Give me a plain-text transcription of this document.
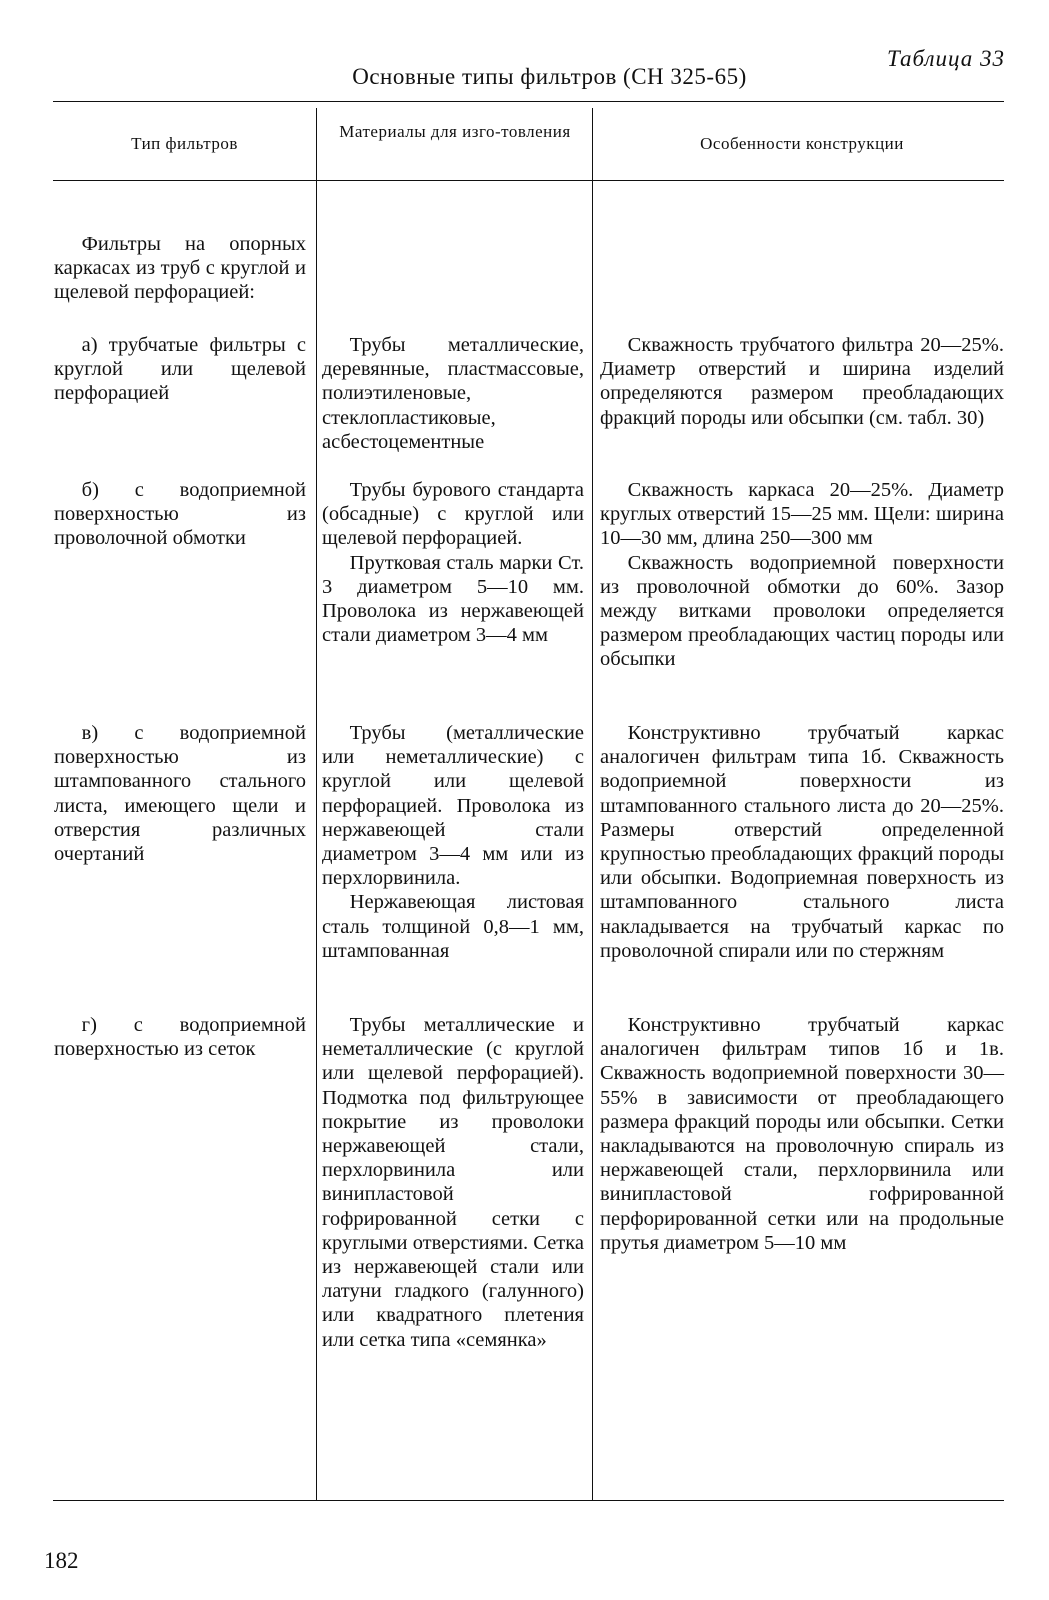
Таблица 33
Основные типы фильтров (СН 325-65)
Тип фильтров
Материалы для изго-товления
Особенности конструкции

Фильтры на опорных каркасах из труб с круглой и щелевой перфорацией:

а) трубчатые фильтры с круглой или щелевой перфорацией

б) с водоприемной поверхностью из проволочной обмотки

в) с водоприемной поверхностью из штампованного стального листа, имеющего щели и отверстия различных очертаний

г) с водоприемной поверхностью из сеток

Трубы металлические, деревянные, пластмассовые, полиэтиленовые, стеклопластиковые, асбестоцементные

Трубы бурового стандарта (обсадные) с круглой или щелевой перфорацией.

Прутковая сталь марки Ст. 3 диаметром 5—10 мм. Проволока из нержавеющей стали диаметром 3—4 мм

Трубы (металлические или неметаллические) с круглой или щелевой перфорацией. Проволока из нержавеющей стали диаметром 3—4 мм или из перхлорвинила.

Нержавеющая листовая сталь толщиной 0,8—1 мм, штампованная

Трубы металлические и неметаллические (с круглой или щелевой перфорацией). Подмотка под фильтрующее покрытие из проволоки нержавеющей стали, перхлорвинила или винипластовой гофрированной сетки с круглыми отверстиями. Сетка из нержавеющей стали или латуни гладкого (галунного) или квадратного плетения или сетка типа «семянка»

Скважность трубчатого фильтра 20—25%. Диаметр отверстий и ширина изделий определяются размером преобладающих фракций породы или обсыпки (см. табл. 30)

Скважность каркаса 20—25%. Диаметр круглых отверстий 15—25 мм. Щели: ширина 10—30 мм, длина 250—300 мм

Скважность водоприемной поверхности из проволочной обмотки до 60%. Зазор между витками проволоки определяется размером преобладающих частиц породы или обсыпки

Конструктивно трубчатый каркас аналогичен фильтрам типа 1б. Скважность водоприемной поверхности из штампованного стального листа до 20—25%. Размеры отверстий определенной крупностью преобладающих фракций породы или обсыпки. Водоприемная поверхность из штампованного стального листа накладывается на трубчатый каркас по проволочной спирали или по стержням

Конструктивно трубчатый каркас аналогичен фильтрам типов 1б и 1в. Скважность водоприемной поверхности 30—55% в зависимости от преобладающего размера фракций породы или обсыпки. Сетки накладываются на проволочную спираль из нержавеющей стали, перхлорвинила или винипластовой гофрированной перфорированной сетки или на продольные прутья диаметром 5—10 мм

182
